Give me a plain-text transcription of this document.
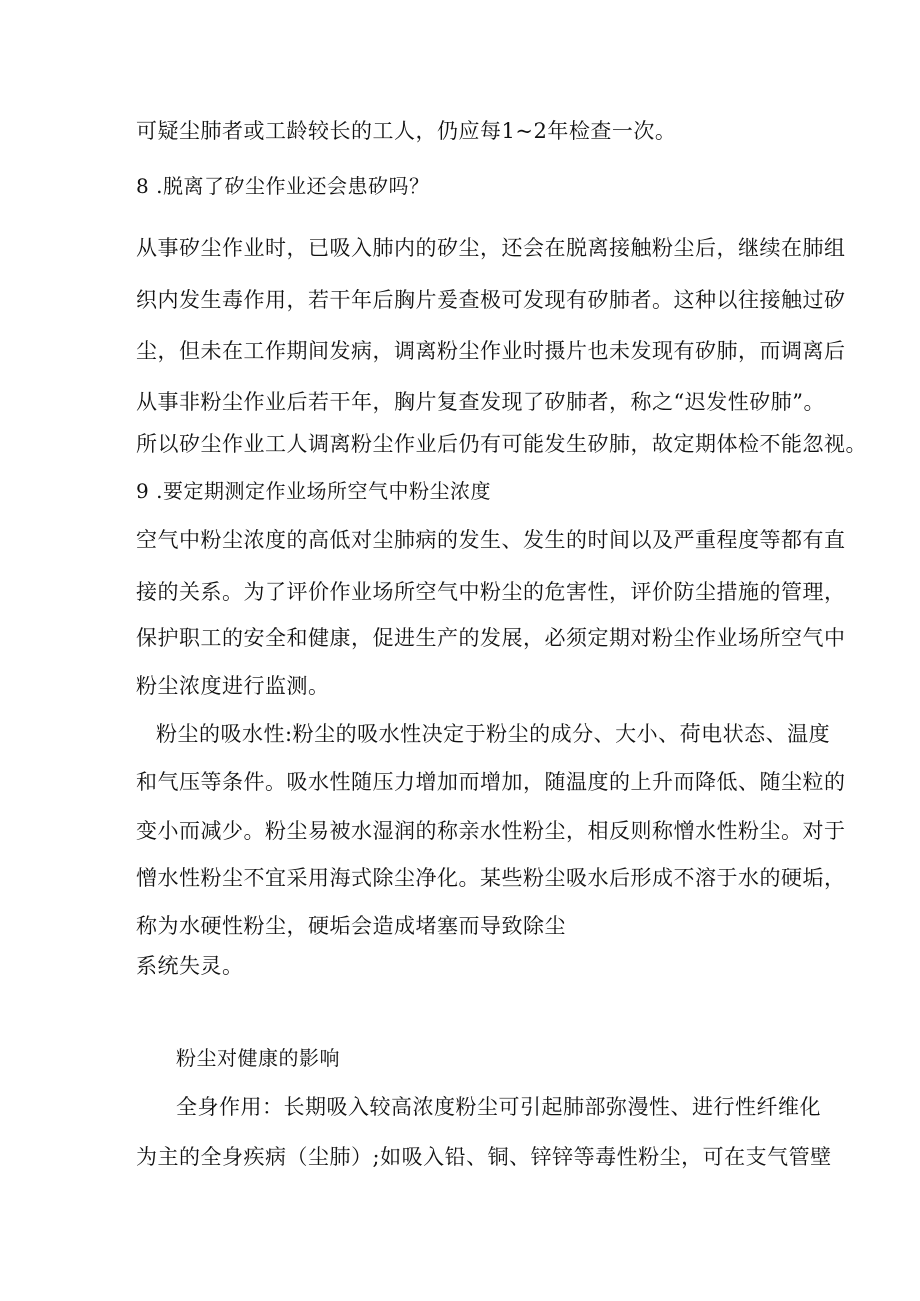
可疑尘肺者或工龄较长的工人，仍应每1~2年检查一次。
8 .脱离了矽尘作业还会患矽吗？
从事矽尘作业时，已吸入肺内的矽尘，还会在脱离接触粉尘后，继续在肺组
织内发生毒作用，若干年后胸片爰查极可发现有矽肺者。这种以往接触过矽
尘，但未在工作期间发病，调离粉尘作业时摄片也未发现有矽肺，而调离后
从事非粉尘作业后若干年，胸片复查发现了矽肺者，称之“迟发性矽肺”。
所以矽尘作业工人调离粉尘作业后仍有可能发生矽肺，故定期体检不能忽视。
9 .要定期测定作业场所空气中粉尘浓度
空气中粉尘浓度的高低对尘肺病的发生、发生的时间以及严重程度等都有直
接的关系。为了评价作业场所空气中粉尘的危害性，评价防尘措施的管理，
保护职工的安全和健康，促进生产的发展，必须定期对粉尘作业场所空气中
粉尘浓度进行监测。
粉尘的吸水性:粉尘的吸水性决定于粉尘的成分、大小、荷电状态、温度
和气压等条件。吸水性随压力增加而增加，随温度的上升而降低、随尘粒的
变小而减少。粉尘易被水湿润的称亲水性粉尘，相反则称憎水性粉尘。对于
憎水性粉尘不宜采用海式除尘净化。某些粉尘吸水后形成不溶于水的硬垢，
称为水硬性粉尘，硬垢会造成堵塞而导致除尘
系统失灵。
粉尘对健康的影响
全身作用：长期吸入较高浓度粉尘可引起肺部弥漫性、进行性纤维化
为主的全身疾病（尘肺）;如吸入铅、铜、锌锌等毒性粉尘，可在支气管壁
